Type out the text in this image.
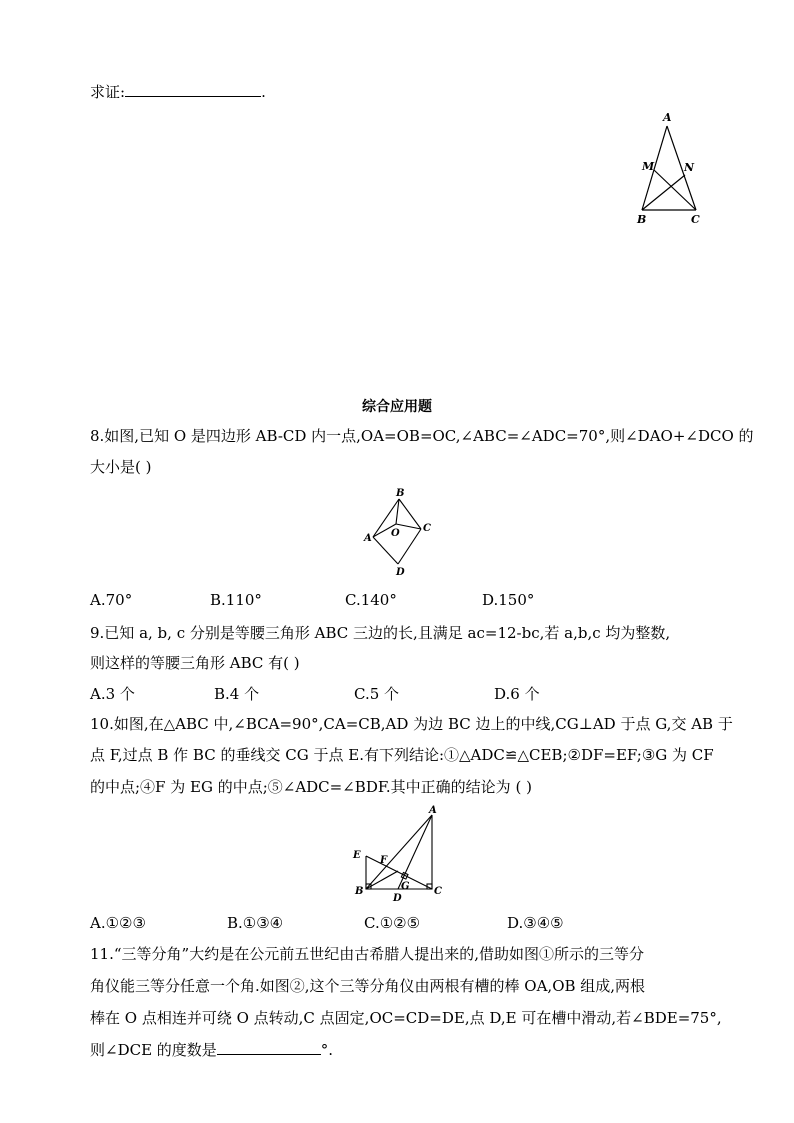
求证:	.
A
M	N
B	C
综合应用题
8.如图,已知 O 是四边形 AB-CD 内一点,OA=OB=OC,∠ABC=∠ADC=70°,则∠DAO+∠DCO 的
大小是( )
B
O C
A
D
A.70°	B.110°	C.140°	D.150°
9.已知 a, b, c 分别是等腰三角形 ABC 三边的长,且满足 ac=12-bc,若 a,b,c 均为整数,
则这样的等腰三角形 ABC 有( )
A.3 个	B.4 个	C.5 个	D.6 个
10.如图,在△ABC 中,∠BCA=90°,CA=CB,AD 为边 BC 边上的中线,CG⊥AD 于点 G,交 AB 于
点 F,过点 B 作 BC 的垂线交 CG 于点 E.有下列结论:①△ADC≌△CEB;②DF=EF;③G 为 CF
的中点;④F 为 EG 的中点;⑤∠ADC=∠BDF.其中正确的结论为 ( )
A
E F
G
B
D
C
A.①②③	B.①③④	C.①②⑤	D.③④⑤
11.“三等分角”大约是在公元前五世纪由古希腊人提出来的,借助如图①所示的三等分
角仪能三等分任意一个角.如图②,这个三等分角仪由两根有槽的棒 OA,OB 组成,两根
棒在 O 点相连并可绕 O 点转动,C 点固定,OC=CD=DE,点 D,E 可在槽中滑动,若∠BDE=75°,
则∠DCE 的度数是	°.
